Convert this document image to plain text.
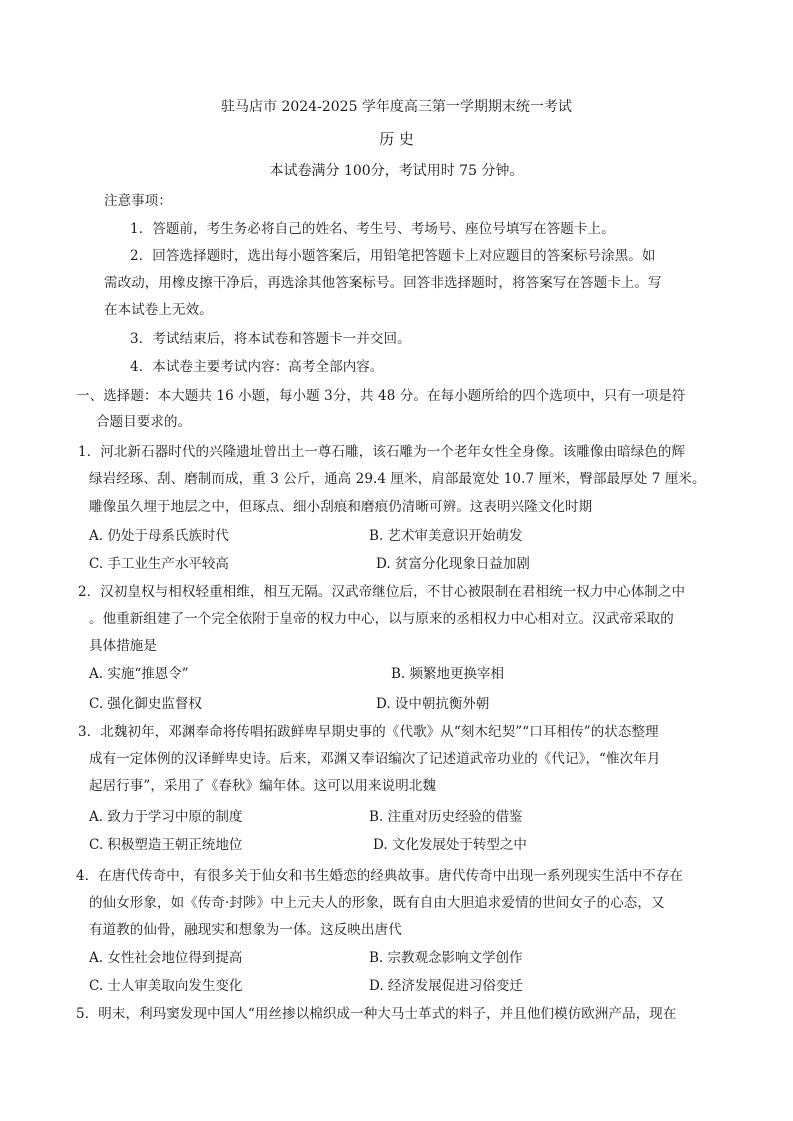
驻马店市 2024-2025 学年度高三第一学期期末统一考试
历 史
本试卷满分 100分，考试用时 75 分钟。
注意事项：
1．答题前，考生务必将自己的姓名、考生号、考场号、座位号填写在答题卡上。
2．回答选择题时，选出每小题答案后，用铅笔把答题卡上对应题目的答案标号涂黑。如
需改动，用橡皮擦干净后，再选涂其他答案标号。回答非选择题时，将答案写在答题卡上。写
在本试卷上无效。
3．考试结束后，将本试卷和答题卡一并交回。
4．本试卷主要考试内容：高考全部内容。
一、选择题：本大题共 16 小题，每小题 3分，共 48 分。在每小题所给的四个选项中，只有一项是符
合题目要求的。
1．河北新石器时代的兴隆遗址曾出土一尊石雕，该石雕为一个老年女性全身像。该雕像由暗绿色的辉
绿岩经琢、刮、磨制而成，重 3 公斤，通高 29.4 厘米，肩部最宽处 10.7 厘米，臀部最厚处 7 厘米。
雕像虽久埋于地层之中，但琢点、细小刮痕和磨痕仍清晰可辨。这表明兴隆文化时期
A. 仍处于母系氏族时代	B. 艺术审美意识开始萌发
C. 手工业生产水平较高	D. 贫富分化现象日益加剧
2．汉初皇权与相权轻重相维，相互无隔。汉武帝继位后，不甘心被限制在君相统一权力中心体制之中
。他重新组建了一个完全依附于皇帝的权力中心，以与原来的丞相权力中心相对立。汉武帝采取的
具体措施是
A. 实施“推恩令”	B. 频繁地更换宰相
C. 强化御史监督权	D. 设中朝抗衡外朝
3．北魏初年，邓渊奉命将传唱拓跋鲜卑早期史事的《代歌》从“刻木纪契”“口耳相传”的状态整理
成有一定体例的汉译鲜卑史诗。后来，邓渊又奉诏编次了记述道武帝功业的《代记》，“惟次年月
起居行事”，采用了《春秋》编年体。这可以用来说明北魏
A. 致力于学习中原的制度	B. 注重对历史经验的借鉴
C. 积极塑造王朝正统地位	D. 文化发展处于转型之中
4．在唐代传奇中，有很多关于仙女和书生婚恋的经典故事。唐代传奇中出现一系列现实生活中不存在
的仙女形象，如《传奇·封陟》中上元夫人的形象，既有自由大胆追求爱情的世间女子的心态，又
有道教的仙骨，融现实和想象为一体。这反映出唐代
A. 女性社会地位得到提高	B. 宗教观念影响文学创作
C. 士人审美取向发生变化	D. 经济发展促进习俗变迁
5．明末，利玛窦发现中国人“用丝掺以棉织成一种大马士革式的料子，并且他们模仿欧洲产品，现在
